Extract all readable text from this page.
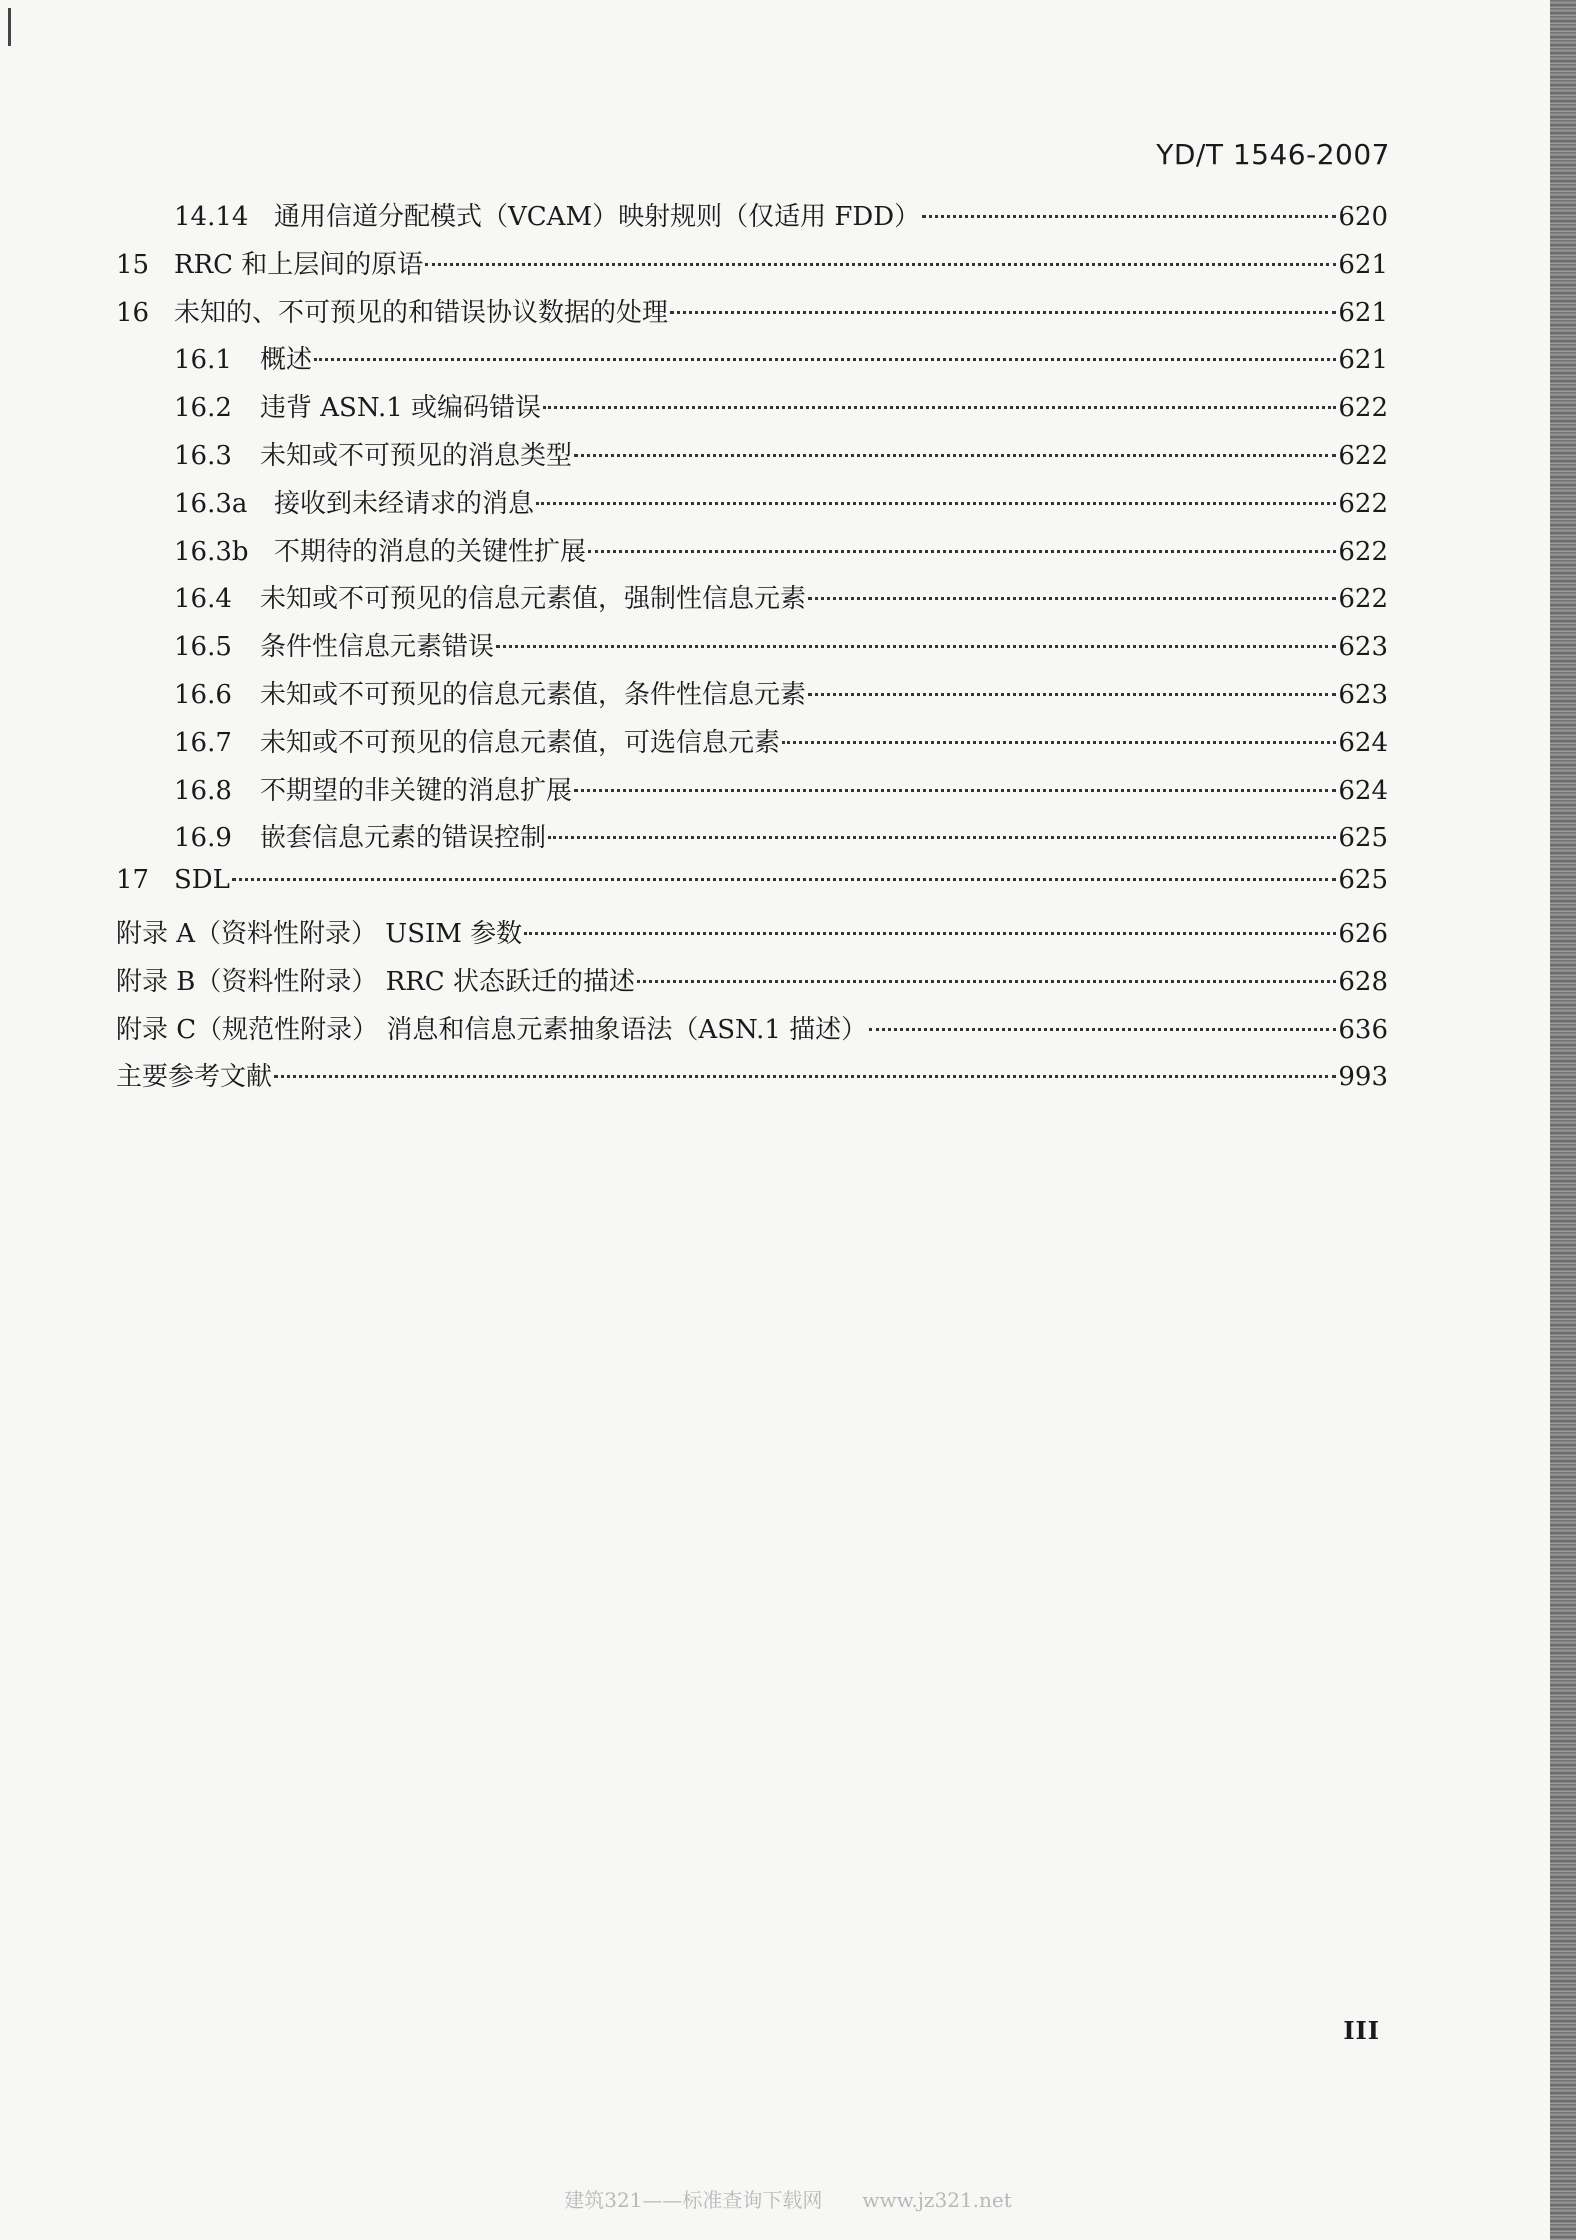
YD/T 1546-2007
14.14 通用信道分配模式（VCAM）映射规则（仅适用 FDD）	620
15 RRC 和上层间的原语	621
16 未知的、不可预见的和错误协议数据的处理	621
16.1	概述	621
16.2	违背 ASN.1 或编码错误	622
16.3	未知或不可预见的消息类型	622
16.3a	接收到未经请求的消息	622
16.3b 不期待的消息的关键性扩展	622
16.4	未知或不可预见的信息元素值，强制性信息元素	622
16.5	条件性信息元素错误	623
16.6	未知或不可预见的信息元素值，条件性信息元素	623
16.7	未知或不可预见的信息元素值，可选信息元素	624
16.8	不期望的非关键的消息扩展	624
16.9	嵌套信息元素的错误控制	625
17 SDL	625
附录 A（资料性附录） USIM 参数	626
附录 B（资料性附录） RRC 状态跃迁的描述	628
附录 C（规范性附录） 消息和信息元素抽象语法（ASN.1 描述）	636
主要参考文献	993
III
建筑321——标准查询下载网　　www.jz321.net
